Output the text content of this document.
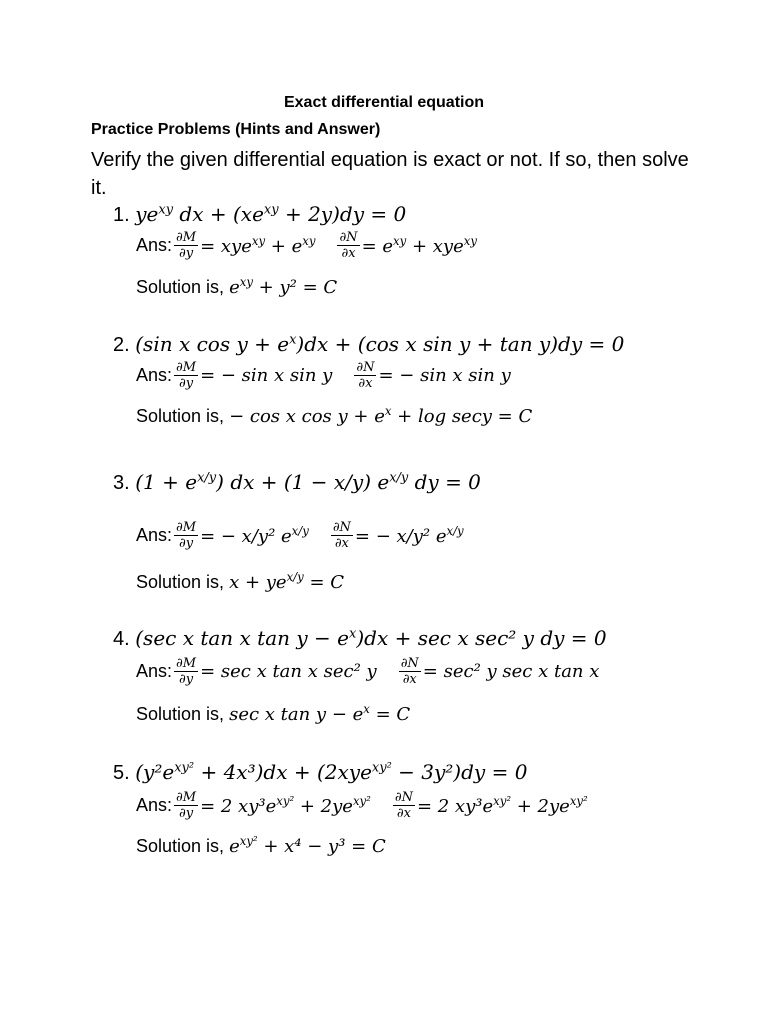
Exact differential equation
Practice Problems (Hints and Answer)
Verify the given differential equation is exact or not. If so, then solve it.
1. $ye^{xy}$ dx + $(xe^{xy} + 2y)dy = 0$
Ans: $\frac{\partial M}{\partial y} = xye^{xy} + e^{xy} \frac{\partial N}{\partial x} = e^{xy} + xye^{xy}$
Solution is, $e^{xy} + y^2 = C$
2. (sin x $\cos y + e^x)dx + (\cos$ x sin y + tan y)dy = 0
Ans: $\frac{\partial M}{\partial y}$ = − sin x sin y $\frac{\partial N}{\partial x}$ = − sin x sin y
Solution is, − cos x $\cos y + e^x + \log \sec y = C$
3. $(1 + e^{x/y})$ dx + (1 − x/y) $e^{x/y}$ dy = 0
Ans: $\frac{\partial M}{\partial y}$ = − x/y² $e^{x/y} \frac{\partial N}{\partial x}$ = − x/y² $e^{x/y}$
Solution is, $x + ye^{x/y} = C$
4. (sec x tan x $\tan y - e^x)dx + \sec x$ sec² y dy = 0
Ans: $\frac{\partial M}{\partial y} = \sec x$ tan x sec² y $\frac{\partial N}{\partial x} = \sec^2$ y sec x tan x
Solution is, sec x $\tan y - e^x = C$
5. $(y^2e^{xy^2} + 4x^3)dx + (2xye^{xy^2} - 3y^2)dy = 0$
Ans: $\frac{\partial M}{\partial y} = 2$ $xy^3e^{xy^2} + 2ye^{xy^2} \frac{\partial N}{\partial x} = 2$ $xy^3e^{xy^2} + 2ye^{xy^2}$
Solution is, $e^{xy^2} + x^4 - y^3 = C$
